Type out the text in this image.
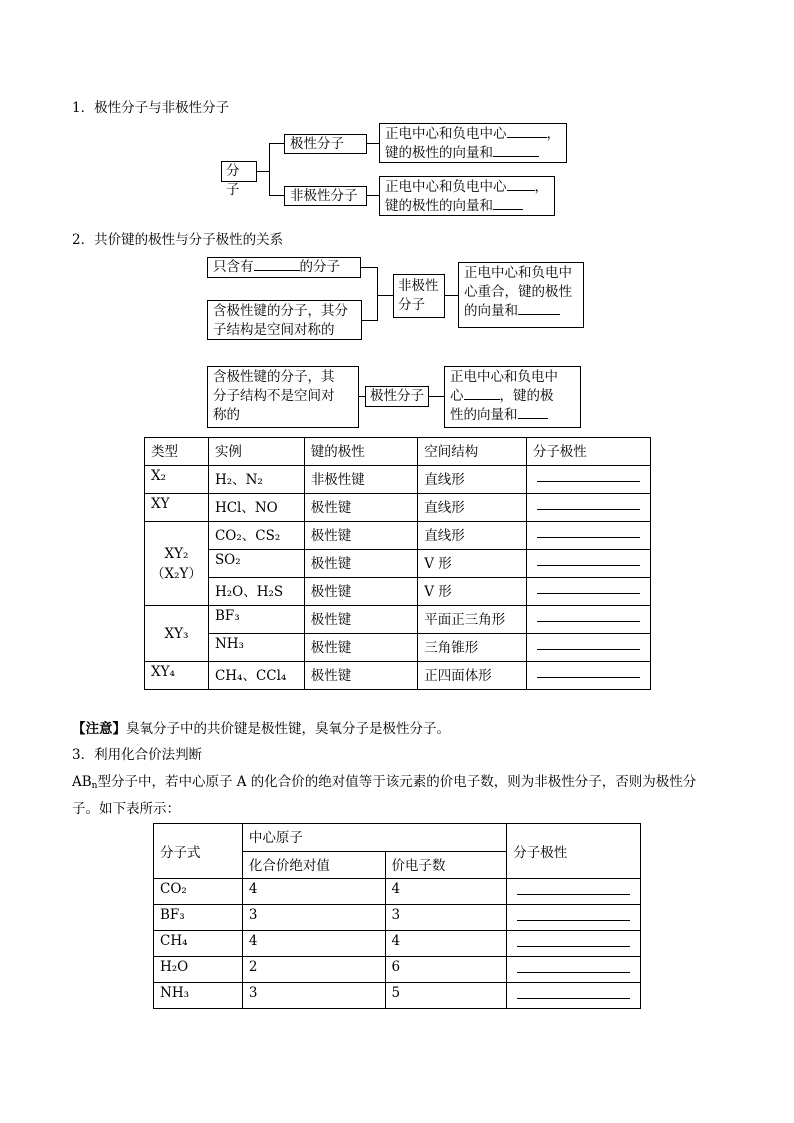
1．极性分子与非极性分子
分子
极性分子
正电中心和负电中心	，
键的极性的向量和
非极性分子
正电中心和负电中心 ，
键的极性的向量和
2．共价键的极性与分子极性的关系
只含有	的分子
含极性键的分子，其分
子结构是空间对称的
非极性
分子
正电中心和负电中
心重合，键的极性
的向量和
含极性键的分子，其
分子结构不是空间对
称的
极性分子
正电中心和负电中
心	，键的极
性的向量和
类型	实例	键的极性	空间结构	分子极性
X₂	H₂、N₂	非极性键	直线形	

XY	HCl、NO	极性键	直线形	

XY₂
（X₂Y）	CO₂、CS₂	极性键	直线形	

	SO₂	极性键	V 形	

	H₂O、H₂S	极性键	V 形	

XY₃	BF₃	极性键	平面正三角形	

	NH₃	极性键	三角锥形	

XY₄	CH₄、CCl₄	极性键	正四面体形	
【注意】臭氧分子中的共价键是极性键，臭氧分子是极性分子。
3．利用化合价法判断
$AB_n$型分子中，若中心原子 A 的化合价的绝对值等于该元素的价电子数，则为非极性分子，否则为极性分
子。如下表所示：
分子式	中心原子		分子极性
	化合价绝对值	价电子数	
CO₂	4	4	

BF₃	3	3	

CH₄	4	4	

H₂O	2	6	

NH₃	3	5	
